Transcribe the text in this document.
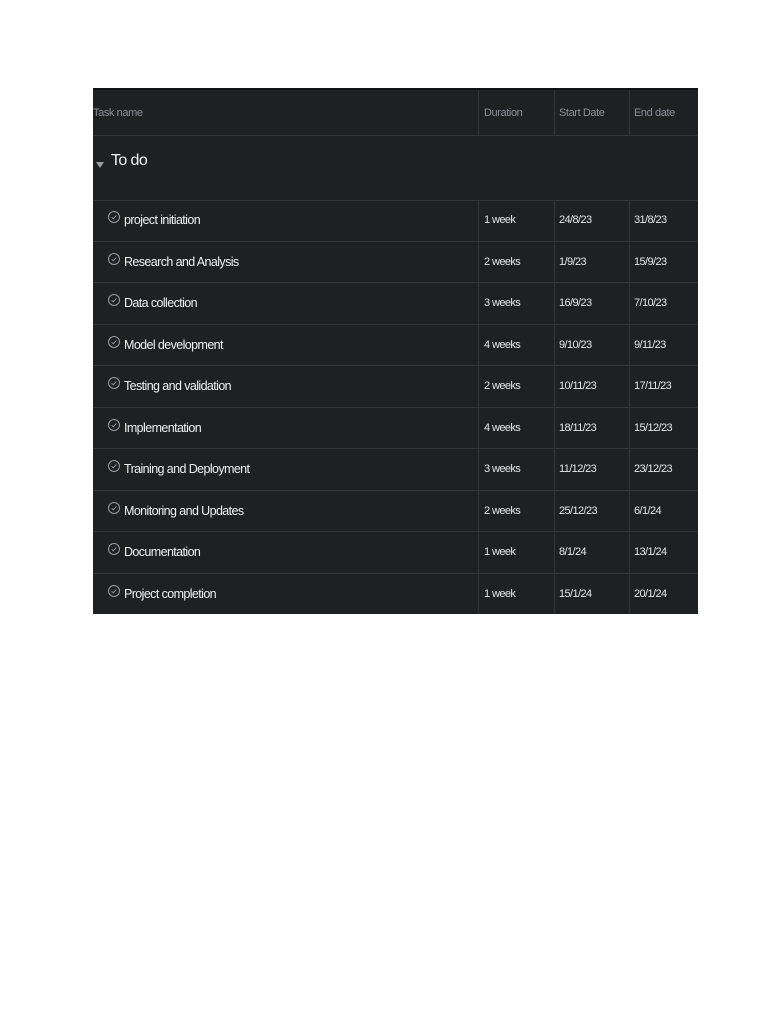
Task name	Duration	Start Date	End date
To do
project initiation	1 week	24/8/23	31/8/23
Research and Analysis	2 weeks	1/9/23	15/9/23
Data collection	3 weeks	16/9/23	7/10/23
Model development	4 weeks	9/10/23	9/11/23
Testing and validation	2 weeks	10/11/23	17/11/23
Implementation	4 weeks	18/11/23	15/12/23
Training and Deployment	3 weeks	11/12/23	23/12/23
Monitoring and Updates	2 weeks	25/12/23	6/1/24
Documentation	1 week	8/1/24	13/1/24
Project completion	1 week	15/1/24	20/1/24
